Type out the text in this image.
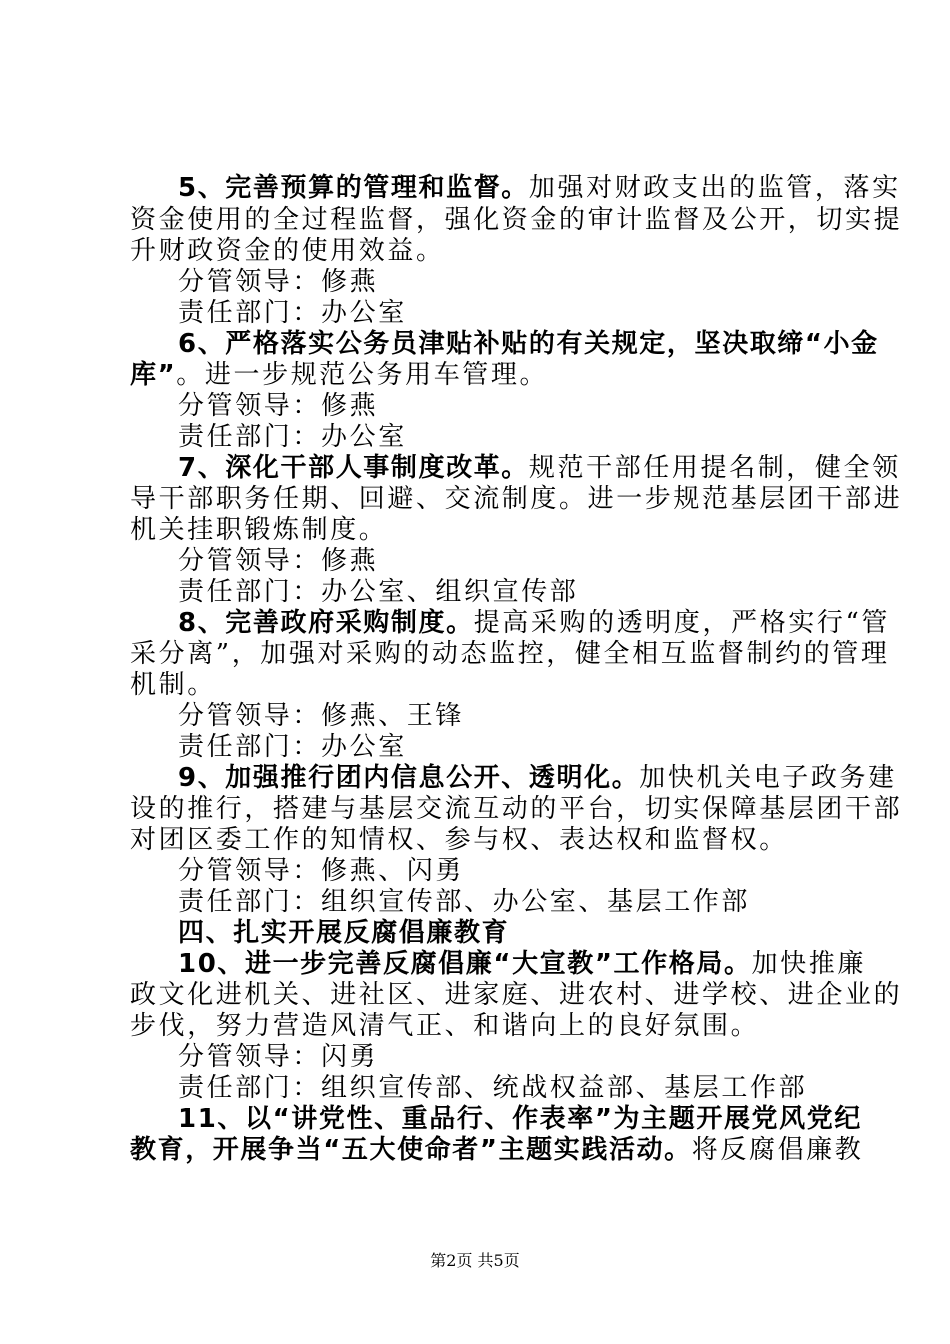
5、完善预算的管理和监督。加强对财政支出的监管，落实
资金使用的全过程监督，强化资金的审计监督及公开，切实提
升财政资金的使用效益。
分管领导：修燕
责任部门：办公室
6、严格落实公务员津贴补贴的有关规定，坚决取缔“小金
库”。进一步规范公务用车管理。
分管领导：修燕
责任部门：办公室
7、深化干部人事制度改革。规范干部任用提名制，健全领
导干部职务任期、回避、交流制度。进一步规范基层团干部进
机关挂职锻炼制度。
分管领导：修燕
责任部门：办公室、组织宣传部
8、完善政府采购制度。提高采购的透明度，严格实行“管
采分离”，加强对采购的动态监控，健全相互监督制约的管理
机制。
分管领导：修燕、王锋
责任部门：办公室
9、加强推行团内信息公开、透明化。加快机关电子政务建
设的推行，搭建与基层交流互动的平台，切实保障基层团干部
对团区委工作的知情权、参与权、表达权和监督权。
分管领导：修燕、闪勇
责任部门：组织宣传部、办公室、基层工作部
四、扎实开展反腐倡廉教育
10、进一步完善反腐倡廉“大宣教”工作格局。加快推廉
政文化进机关、进社区、进家庭、进农村、进学校、进企业的
步伐，努力营造风清气正、和谐向上的良好氛围。
分管领导：闪勇
责任部门：组织宣传部、统战权益部、基层工作部
11、以“讲党性、重品行、作表率”为主题开展党风党纪
教育，开展争当“五大使命者”主题实践活动。将反腐倡廉教
第2页 共5页
